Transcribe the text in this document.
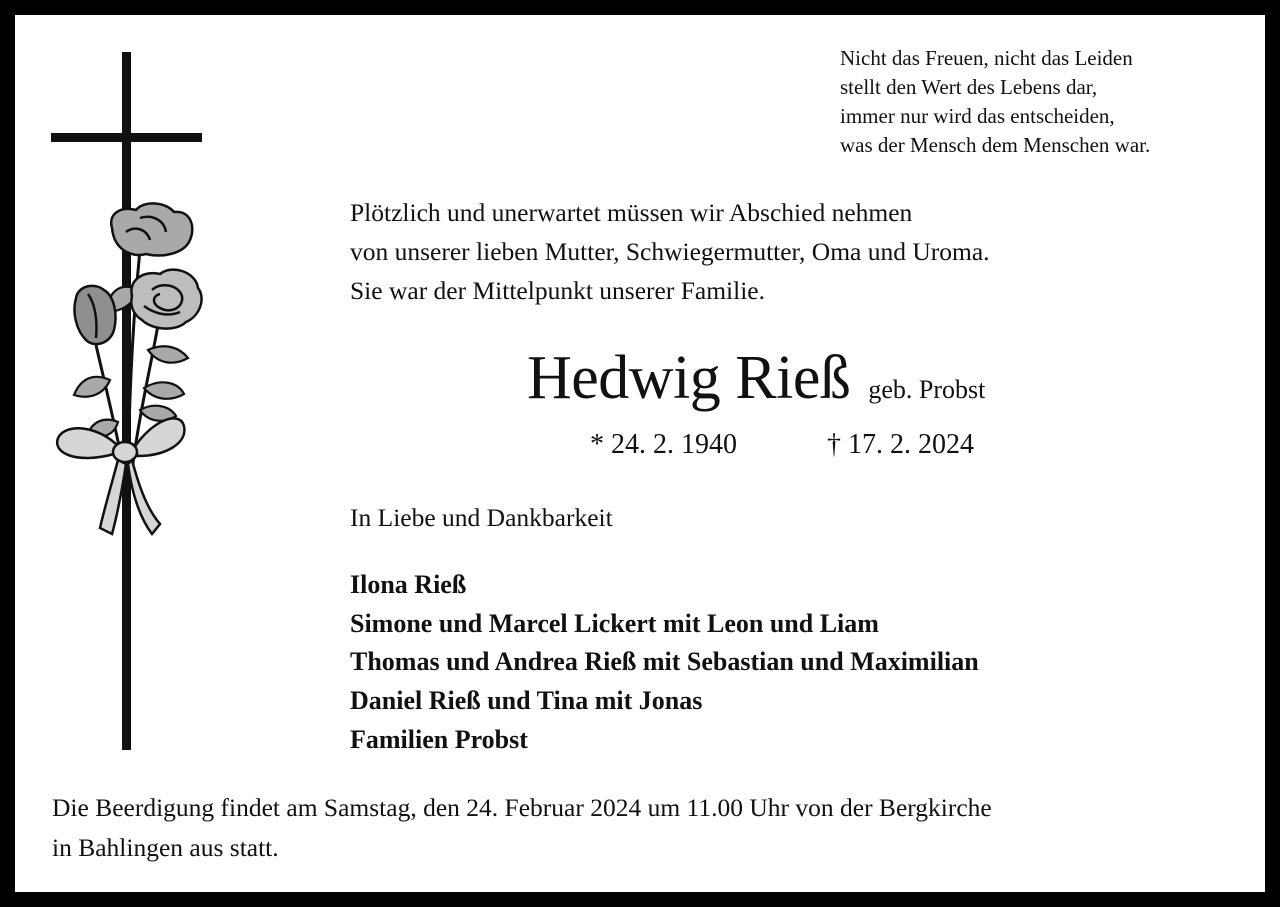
Nicht das Freuen, nicht das Leiden
stellt den Wert des Lebens dar,
immer nur wird das entscheiden,
was der Mensch dem Menschen war.
Plötzlich und unerwartet müssen wir Abschied nehmen
von unserer lieben Mutter, Schwiegermutter, Oma und Uroma.
Sie war der Mittelpunkt unserer Familie.
Hedwig Rieß geb. Probst
* 24. 2. 1940	† 17. 2. 2024
In Liebe und Dankbarkeit
Ilona Rieß
Simone und Marcel Lickert mit Leon und Liam
Thomas und Andrea Rieß mit Sebastian und Maximilian
Daniel Rieß und Tina mit Jonas
Familien Probst
Die Beerdigung findet am Samstag, den 24. Februar 2024 um 11.00 Uhr von der Bergkirche
in Bahlingen aus statt.
